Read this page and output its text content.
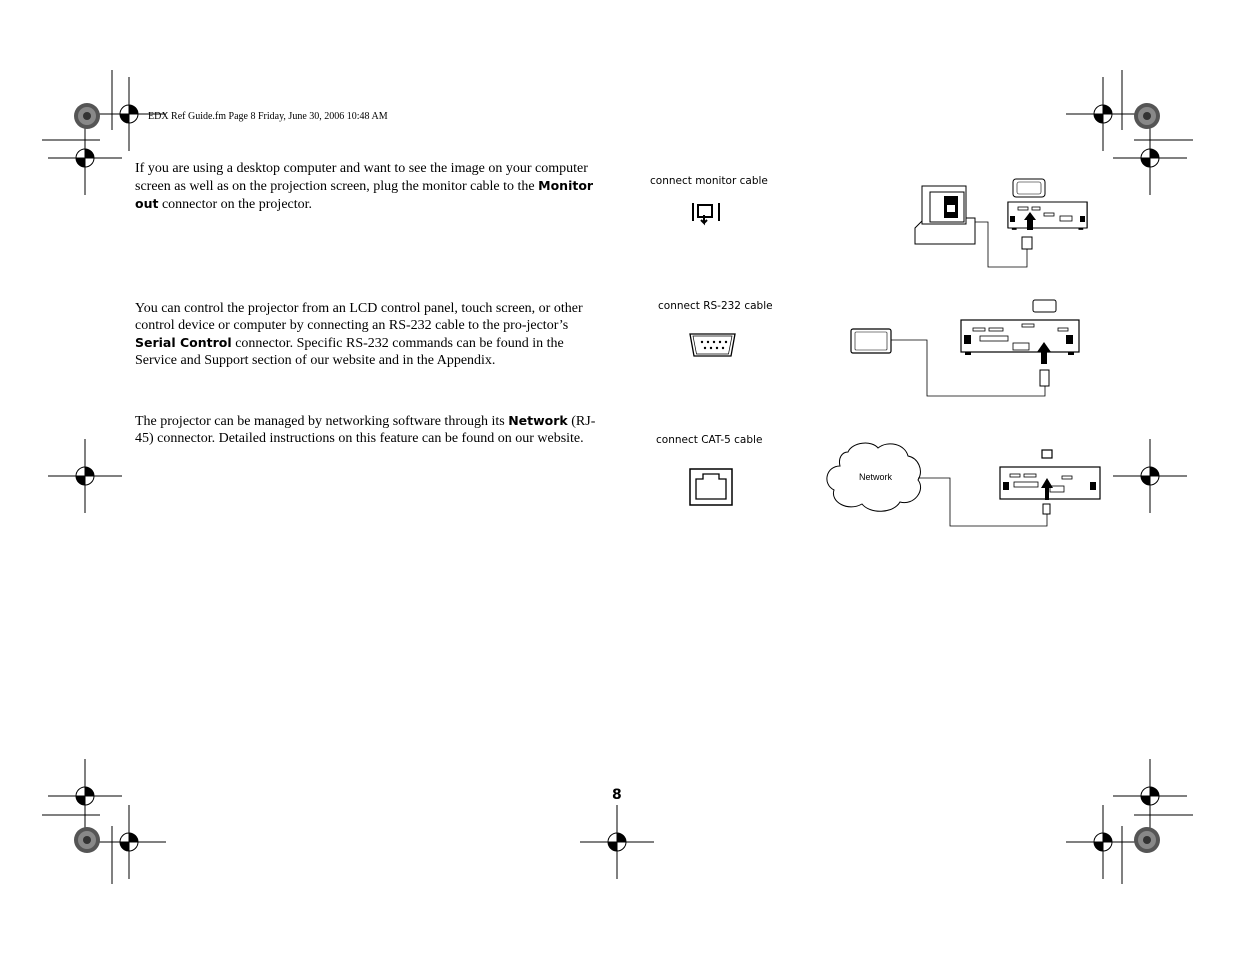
EDX Ref Guide.fm Page 8 Friday, June 30, 2006 10:48 AM
If you are using a desktop computer and want to see the image on your computer screen as well as on the projection screen, plug the monitor cable to the Monitor out connector on the projector.
You can control the projector from an LCD control panel, touch screen, or other control device or computer by connecting an RS-232 cable to the pro-jector’s Serial Control connector. Specific RS-232 commands can be found in the Service and Support section of our website and in the Appendix.
The projector can be managed by networking software through its Network (RJ-45) connector. Detailed instructions on this feature can be found on our website.
connect monitor cable
connect RS-232 cable
connect CAT-5 cable
8
Network
